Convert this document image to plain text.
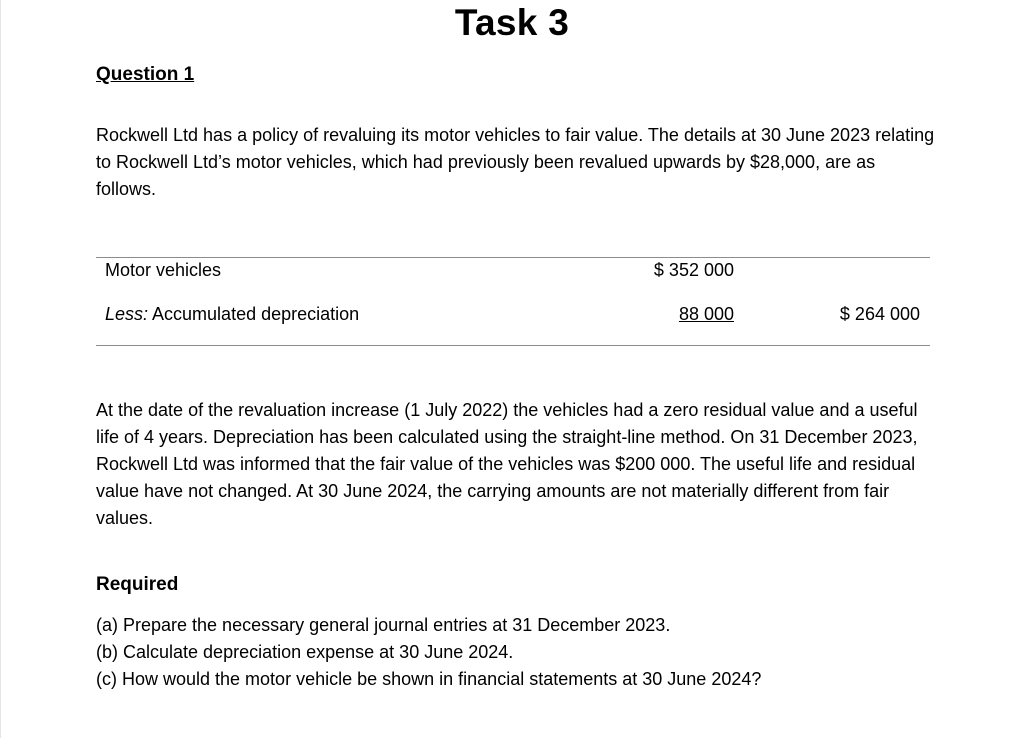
Task 3
Question 1

Rockwell Ltd has a policy of revaluing its motor vehicles to fair value. The details at 30 June 2023 relating to Rockwell Ltd’s motor vehicles, which had previously been revalued upwards by $28,000, are as follows.

Motor vehicles	$ 352 000
Less: Accumulated depreciation	88 000	$ 264 000

At the date of the revaluation increase (1 July 2022) the vehicles had a zero residual value and a useful life of 4 years. Depreciation has been calculated using the straight-line method. On 31 December 2023, Rockwell Ltd was informed that the fair value of the vehicles was $200 000. The useful life and residual value have not changed. At 30 June 2024, the carrying amounts are not materially different from fair values.

Required
(a) Prepare the necessary general journal entries at 31 December 2023.
(b) Calculate depreciation expense at 30 June 2024.
(c) How would the motor vehicle be shown in financial statements at 30 June 2024?
